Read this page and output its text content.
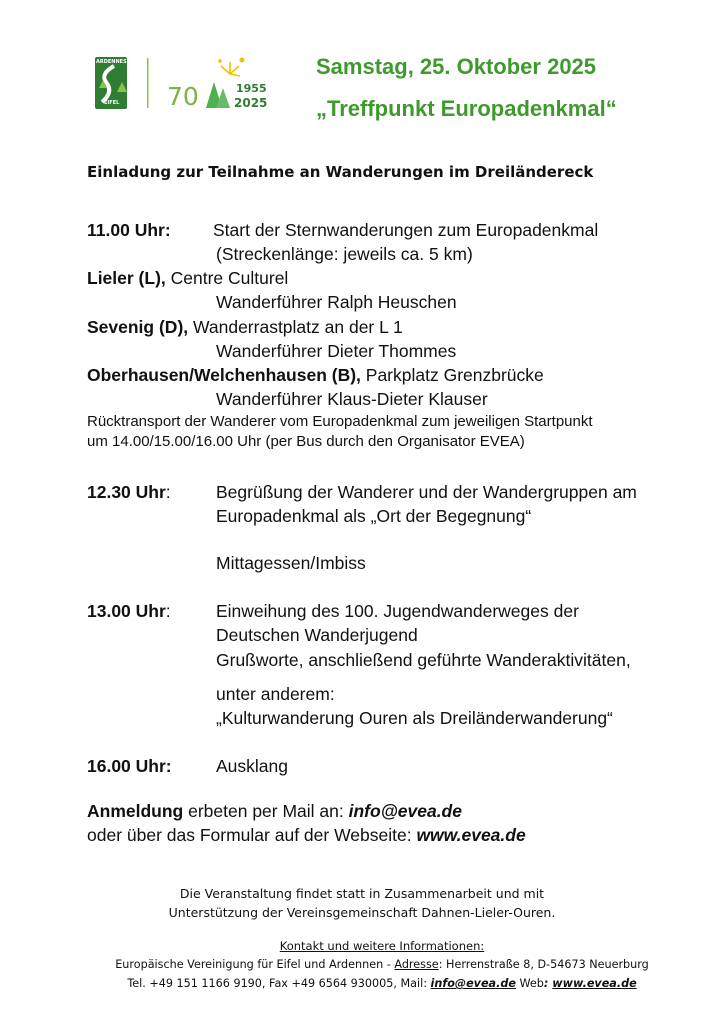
ARDENNES
EIFEL 70	1955
2025
Samstag, 25. Oktober 2025
„Treffpunkt Europadenkmal“
Einladung zur Teilnahme an Wanderungen im Dreiländereck
11.00 Uhr: Start der Sternwanderungen zum Europadenkmal
(Streckenlänge: jeweils ca. 5 km)
Lieler (L), Centre Culturel
Wanderführer Ralph Heuschen
Sevenig (D), Wanderrastplatz an der L 1
Wanderführer Dieter Thommes
Oberhausen/Welchenhausen (B), Parkplatz Grenzbrücke
Wanderführer Klaus-Dieter Klauser
Rücktransport der Wanderer vom Europadenkmal zum jeweiligen Startpunkt
um 14.00/15.00/16.00 Uhr (per Bus durch den Organisator EVEA)
12.30 Uhr:	Begrüßung der Wanderer und der Wandergruppen am
Europadenkmal als „Ort der Begegnung“
Mittagessen/Imbiss
13.00 Uhr:	Einweihung des 100. Jugendwanderweges der
Deutschen Wanderjugend
Grußworte, anschließend geführte Wanderaktivitäten,
unter anderem:
„Kulturwanderung Ouren als Dreiländerwanderung“
16.00 Uhr:	Ausklang
Anmeldung erbeten per Mail an: info@evea.de
oder über das Formular auf der Webseite: www.evea.de
Die Veranstaltung findet statt in Zusammenarbeit und mit
Unterstützung der Vereinsgemeinschaft Dahnen-Lieler-Ouren.
Kontakt und weitere Informationen:
Europäische Vereinigung für Eifel und Ardennen - Adresse: Herrenstraße 8, D-54673 Neuerburg
Tel. +49 151 1166 9190, Fax +49 6564 930005, Mail: info@evea.de Web: www.evea.de
